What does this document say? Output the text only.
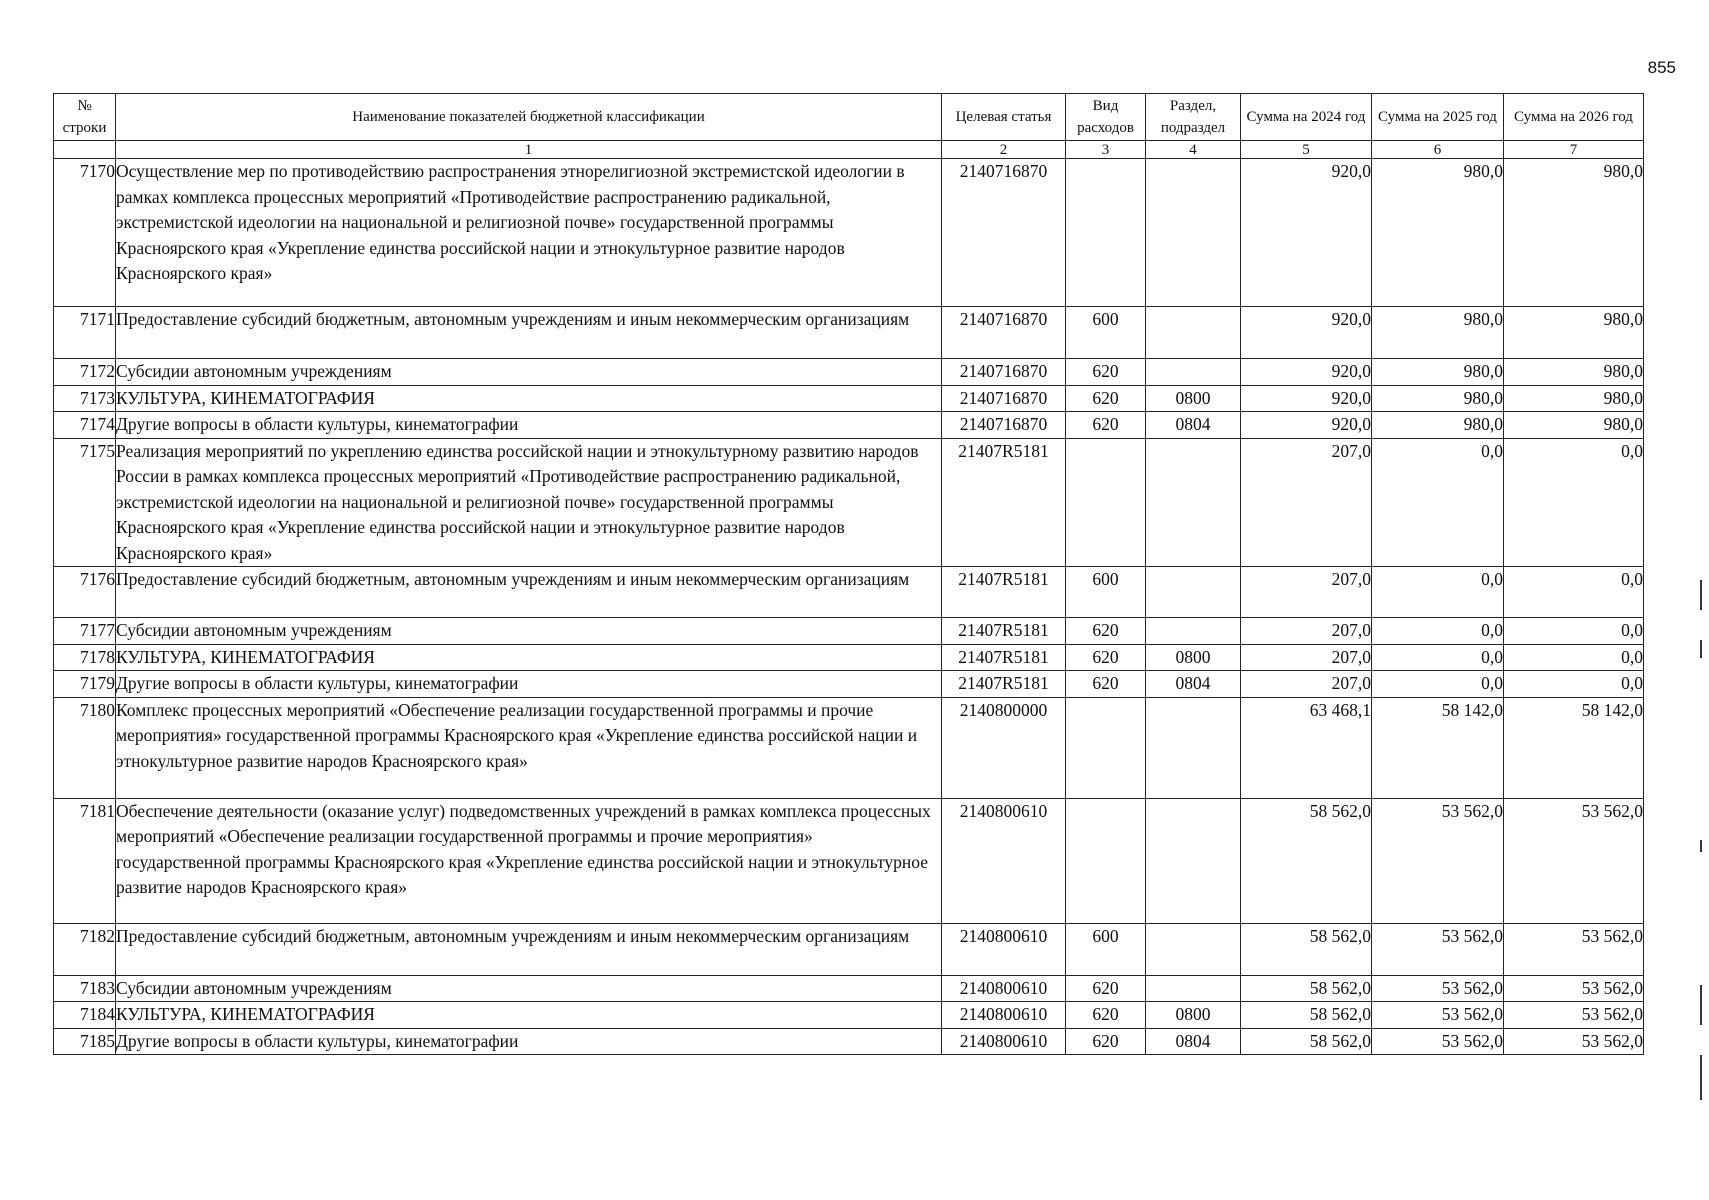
855
№ строки	Наименование показателей бюджетной классификации	Целевая статья	Вид расходов	Раздел, подраздел	Сумма на 2024 год	Сумма на 2025 год	Сумма на 2026 год
	1	2	3	4	5	6	7
7170	Осуществление мер по противодействию распространения этнорелигиозной экстремистской идеологии в рамках комплекса процессных мероприятий «Противодействие распространению радикальной, экстремистской идеологии на национальной и религиозной почве» государственной программы Красноярского края «Укрепление единства российской нации и этнокультурное развитие народов Красноярского края»	2140716870			920,0	980,0	980,0
7171	Предоставление субсидий бюджетным, автономным учреждениям и иным некоммерческим организациям	2140716870	600		920,0	980,0	980,0
7172	Субсидии автономным учреждениям	2140716870	620		920,0	980,0	980,0
7173	КУЛЬТУРА, КИНЕМАТОГРАФИЯ	2140716870	620	0800	920,0	980,0	980,0
7174	Другие вопросы в области культуры, кинематографии	2140716870	620	0804	920,0	980,0	980,0
7175	Реализация мероприятий по укреплению единства российской нации и этнокультурному развитию народов России в рамках комплекса процессных мероприятий «Противодействие распространению радикальной, экстремистской идеологии на национальной и религиозной почве» государственной программы Красноярского края «Укрепление единства российской нации и этнокультурное развитие народов Красноярского края»	21407R5181			207,0	0,0	0,0
7176	Предоставление субсидий бюджетным, автономным учреждениям и иным некоммерческим организациям	21407R5181	600		207,0	0,0	0,0
7177	Субсидии автономным учреждениям	21407R5181	620		207,0	0,0	0,0
7178	КУЛЬТУРА, КИНЕМАТОГРАФИЯ	21407R5181	620	0800	207,0	0,0	0,0
7179	Другие вопросы в области культуры, кинематографии	21407R5181	620	0804	207,0	0,0	0,0
7180	Комплекс процессных мероприятий «Обеспечение реализации государственной программы и прочие мероприятия» государственной программы Красноярского края «Укрепление единства российской нации и этнокультурное развитие народов Красноярского края»	2140800000			63 468,1	58 142,0	58 142,0
7181	Обеспечение деятельности (оказание услуг) подведомственных учреждений в рамках комплекса процессных мероприятий «Обеспечение реализации государственной программы и прочие мероприятия» государственной программы Красноярского края «Укрепление единства российской нации и этнокультурное развитие народов Красноярского края»	2140800610			58 562,0	53 562,0	53 562,0
7182	Предоставление субсидий бюджетным, автономным учреждениям и иным некоммерческим организациям	2140800610	600		58 562,0	53 562,0	53 562,0
7183	Субсидии автономным учреждениям	2140800610	620		58 562,0	53 562,0	53 562,0
7184	КУЛЬТУРА, КИНЕМАТОГРАФИЯ	2140800610	620	0800	58 562,0	53 562,0	53 562,0
7185	Другие вопросы в области культуры, кинематографии	2140800610	620	0804	58 562,0	53 562,0	53 562,0
